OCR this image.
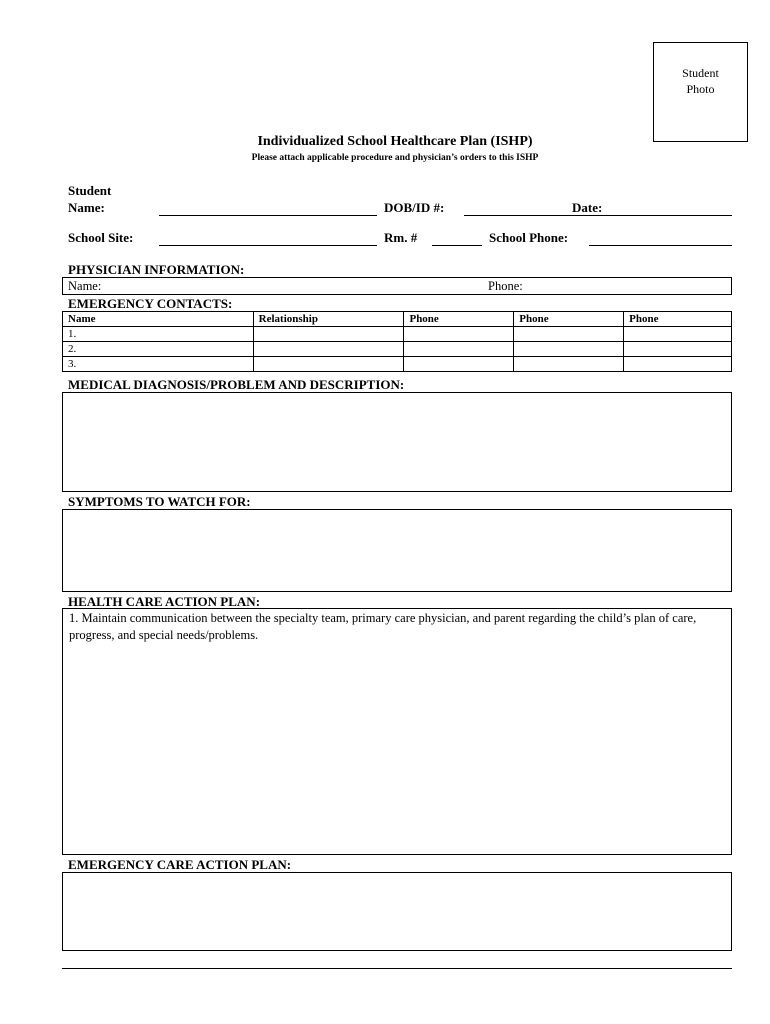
Student
Photo
Individualized School Healthcare Plan (ISHP)
Please attach applicable procedure and physician’s orders to this ISHP
Student
Name:	DOB/ID #:	Date:
School Site:	Rm. #	School Phone:
PHYSICIAN INFORMATION:
Name:	Phone:
EMERGENCY CONTACTS:
Name	Relationship	Phone	Phone	Phone
1.				
2.				
3.				
MEDICAL DIAGNOSIS/PROBLEM AND DESCRIPTION:
SYMPTOMS TO WATCH FOR:
HEALTH CARE ACTION PLAN:
1. Maintain communication between the specialty team, primary care physician, and parent regarding the child’s plan of care, progress, and special needs/problems.
EMERGENCY CARE ACTION PLAN:
